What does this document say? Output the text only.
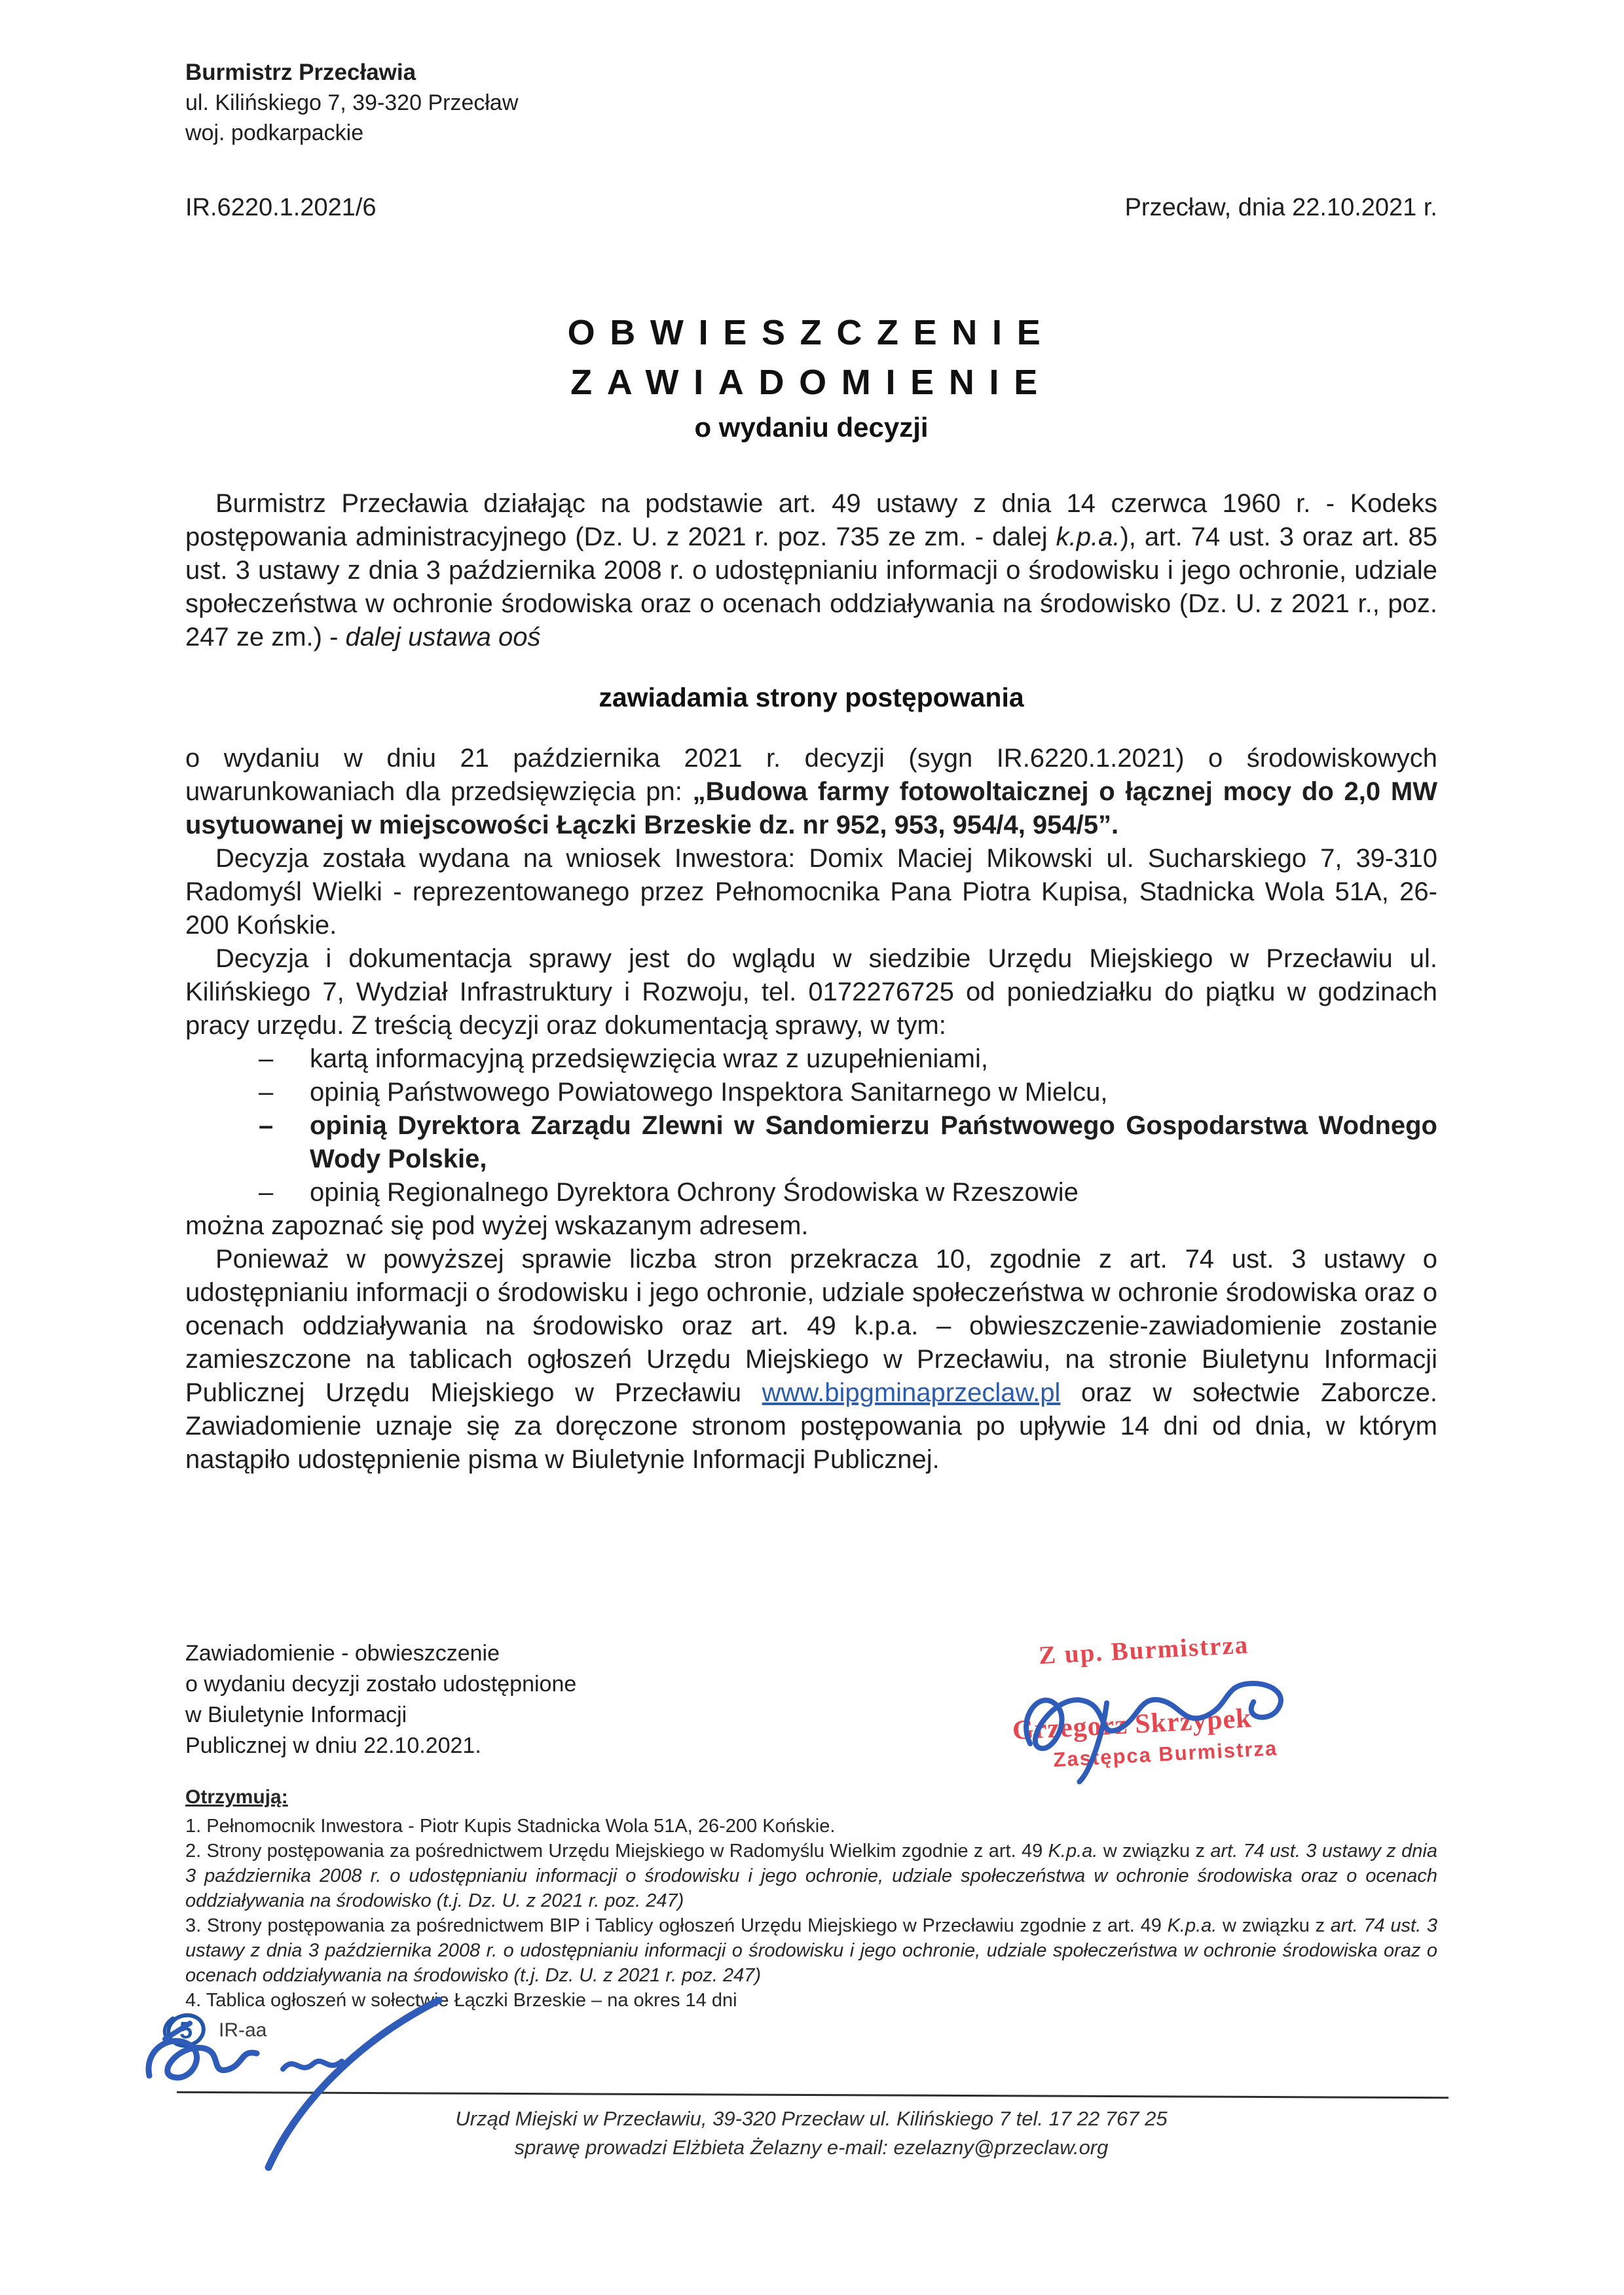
Burmistrz Przecławia
ul. Kilińskiego 7, 39-320 Przecław
woj. podkarpackie
IR.6220.1.2021/6	Przecław, dnia 22.10.2021 r.
OBWIESZCZENIE
ZAWIADOMIENIE
o wydaniu decyzji

Burmistrz Przecławia działając na podstawie art. 49 ustawy z dnia 14 czerwca 1960 r. - Kodeks postępowania administracyjnego (Dz. U. z 2021 r. poz. 735 ze zm. - dalej k.p.a.), art. 74 ust. 3 oraz art. 85 ust. 3 ustawy z dnia 3 października 2008 r. o udostępnianiu informacji o środowisku i jego ochronie, udziale społeczeństwa w ochronie środowiska oraz o ocenach oddziaływania na środowisko (Dz. U. z 2021 r., poz. 247 ze zm.) - dalej ustawa ooś

zawiadamia strony postępowania

o wydaniu w dniu 21 października 2021 r. decyzji (sygn IR.6220.1.2021) o środowiskowych uwarunkowaniach dla przedsięwzięcia pn: „Budowa farmy fotowoltaicznej o łącznej mocy do 2,0 MW usytuowanej w miejscowości Łączki Brzeskie dz. nr 952, 953, 954/4, 954/5”.

Decyzja została wydana na wniosek Inwestora: Domix Maciej Mikowski ul. Sucharskiego 7, 39-310 Radomyśl Wielki - reprezentowanego przez Pełnomocnika Pana Piotra Kupisa, Stadnicka Wola 51A, 26-200 Końskie.

Decyzja i dokumentacja sprawy jest do wglądu w siedzibie Urzędu Miejskiego w Przecławiu ul. Kilińskiego 7, Wydział Infrastruktury i Rozwoju, tel. 0172276725 od poniedziałku do piątku w godzinach pracy urzędu. Z treścią decyzji oraz dokumentacją sprawy, w tym:

– kartą informacyjną przedsięwzięcia wraz z uzupełnieniami,

– opinią Państwowego Powiatowego Inspektora Sanitarnego w Mielcu,

– opinią Dyrektora Zarządu Zlewni w Sandomierzu Państwowego Gospodarstwa Wodnego Wody Polskie,

– opinią Regionalnego Dyrektora Ochrony Środowiska w Rzeszowie

można zapoznać się pod wyżej wskazanym adresem.

Ponieważ w powyższej sprawie liczba stron przekracza 10, zgodnie z art. 74 ust. 3 ustawy o udostępnianiu informacji o środowisku i jego ochronie, udziale społeczeństwa w ochronie środowiska oraz o ocenach oddziaływania na środowisko oraz art. 49 k.p.a. – obwieszczenie-zawiadomienie zostanie zamieszczone na tablicach ogłoszeń Urzędu Miejskiego w Przecławiu, na stronie Biuletynu Informacji Publicznej Urzędu Miejskiego w Przecławiu www.bipgminaprzeclaw.pl oraz w sołectwie Zaborcze. Zawiadomienie uznaje się za doręczone stronom postępowania po upływie 14 dni od dnia, w którym nastąpiło udostępnienie pisma w Biuletynie Informacji Publicznej.

Zawiadomienie - obwieszczenie
o wydaniu decyzji zostało udostępnione
w Biuletynie Informacji
Publicznej w dniu 22.10.2021.
Z up. Burmistrza
Grzegorz Skrzypek
Zastępca Burmistrza
Otrzymują:

1. Pełnomocnik Inwestora - Piotr Kupis Stadnicka Wola 51A, 26-200 Końskie.

2. Strony postępowania za pośrednictwem Urzędu Miejskiego w Radomyślu Wielkim zgodnie z art. 49 K.p.a. w związku z art. 74 ust. 3 ustawy z dnia 3 października 2008 r. o udostępnianiu informacji o środowisku i jego ochronie, udziale społeczeństwa w ochronie środowiska oraz o ocenach oddziaływania na środowisko (t.j. Dz. U. z 2021 r. poz. 247)

3. Strony postępowania za pośrednictwem BIP i Tablicy ogłoszeń Urzędu Miejskiego w Przecławiu zgodnie z art. 49 K.p.a. w związku z art. 74 ust. 3 ustawy z dnia 3 października 2008 r. o udostępnianiu informacji o środowisku i jego ochronie, udziale społeczeństwa w ochronie środowiska oraz o ocenach oddziaływania na środowisko (t.j. Dz. U. z 2021 r. poz. 247)

4. Tablica ogłoszeń w sołectwie Łączki Brzeskie – na okres 14 dni

5 IR-aa
Urząd Miejski w Przecławiu, 39-320 Przecław ul. Kilińskiego 7 tel. 17 22 767 25
sprawę prowadzi Elżbieta Żelazny e-mail: ezelazny@przeclaw.org
